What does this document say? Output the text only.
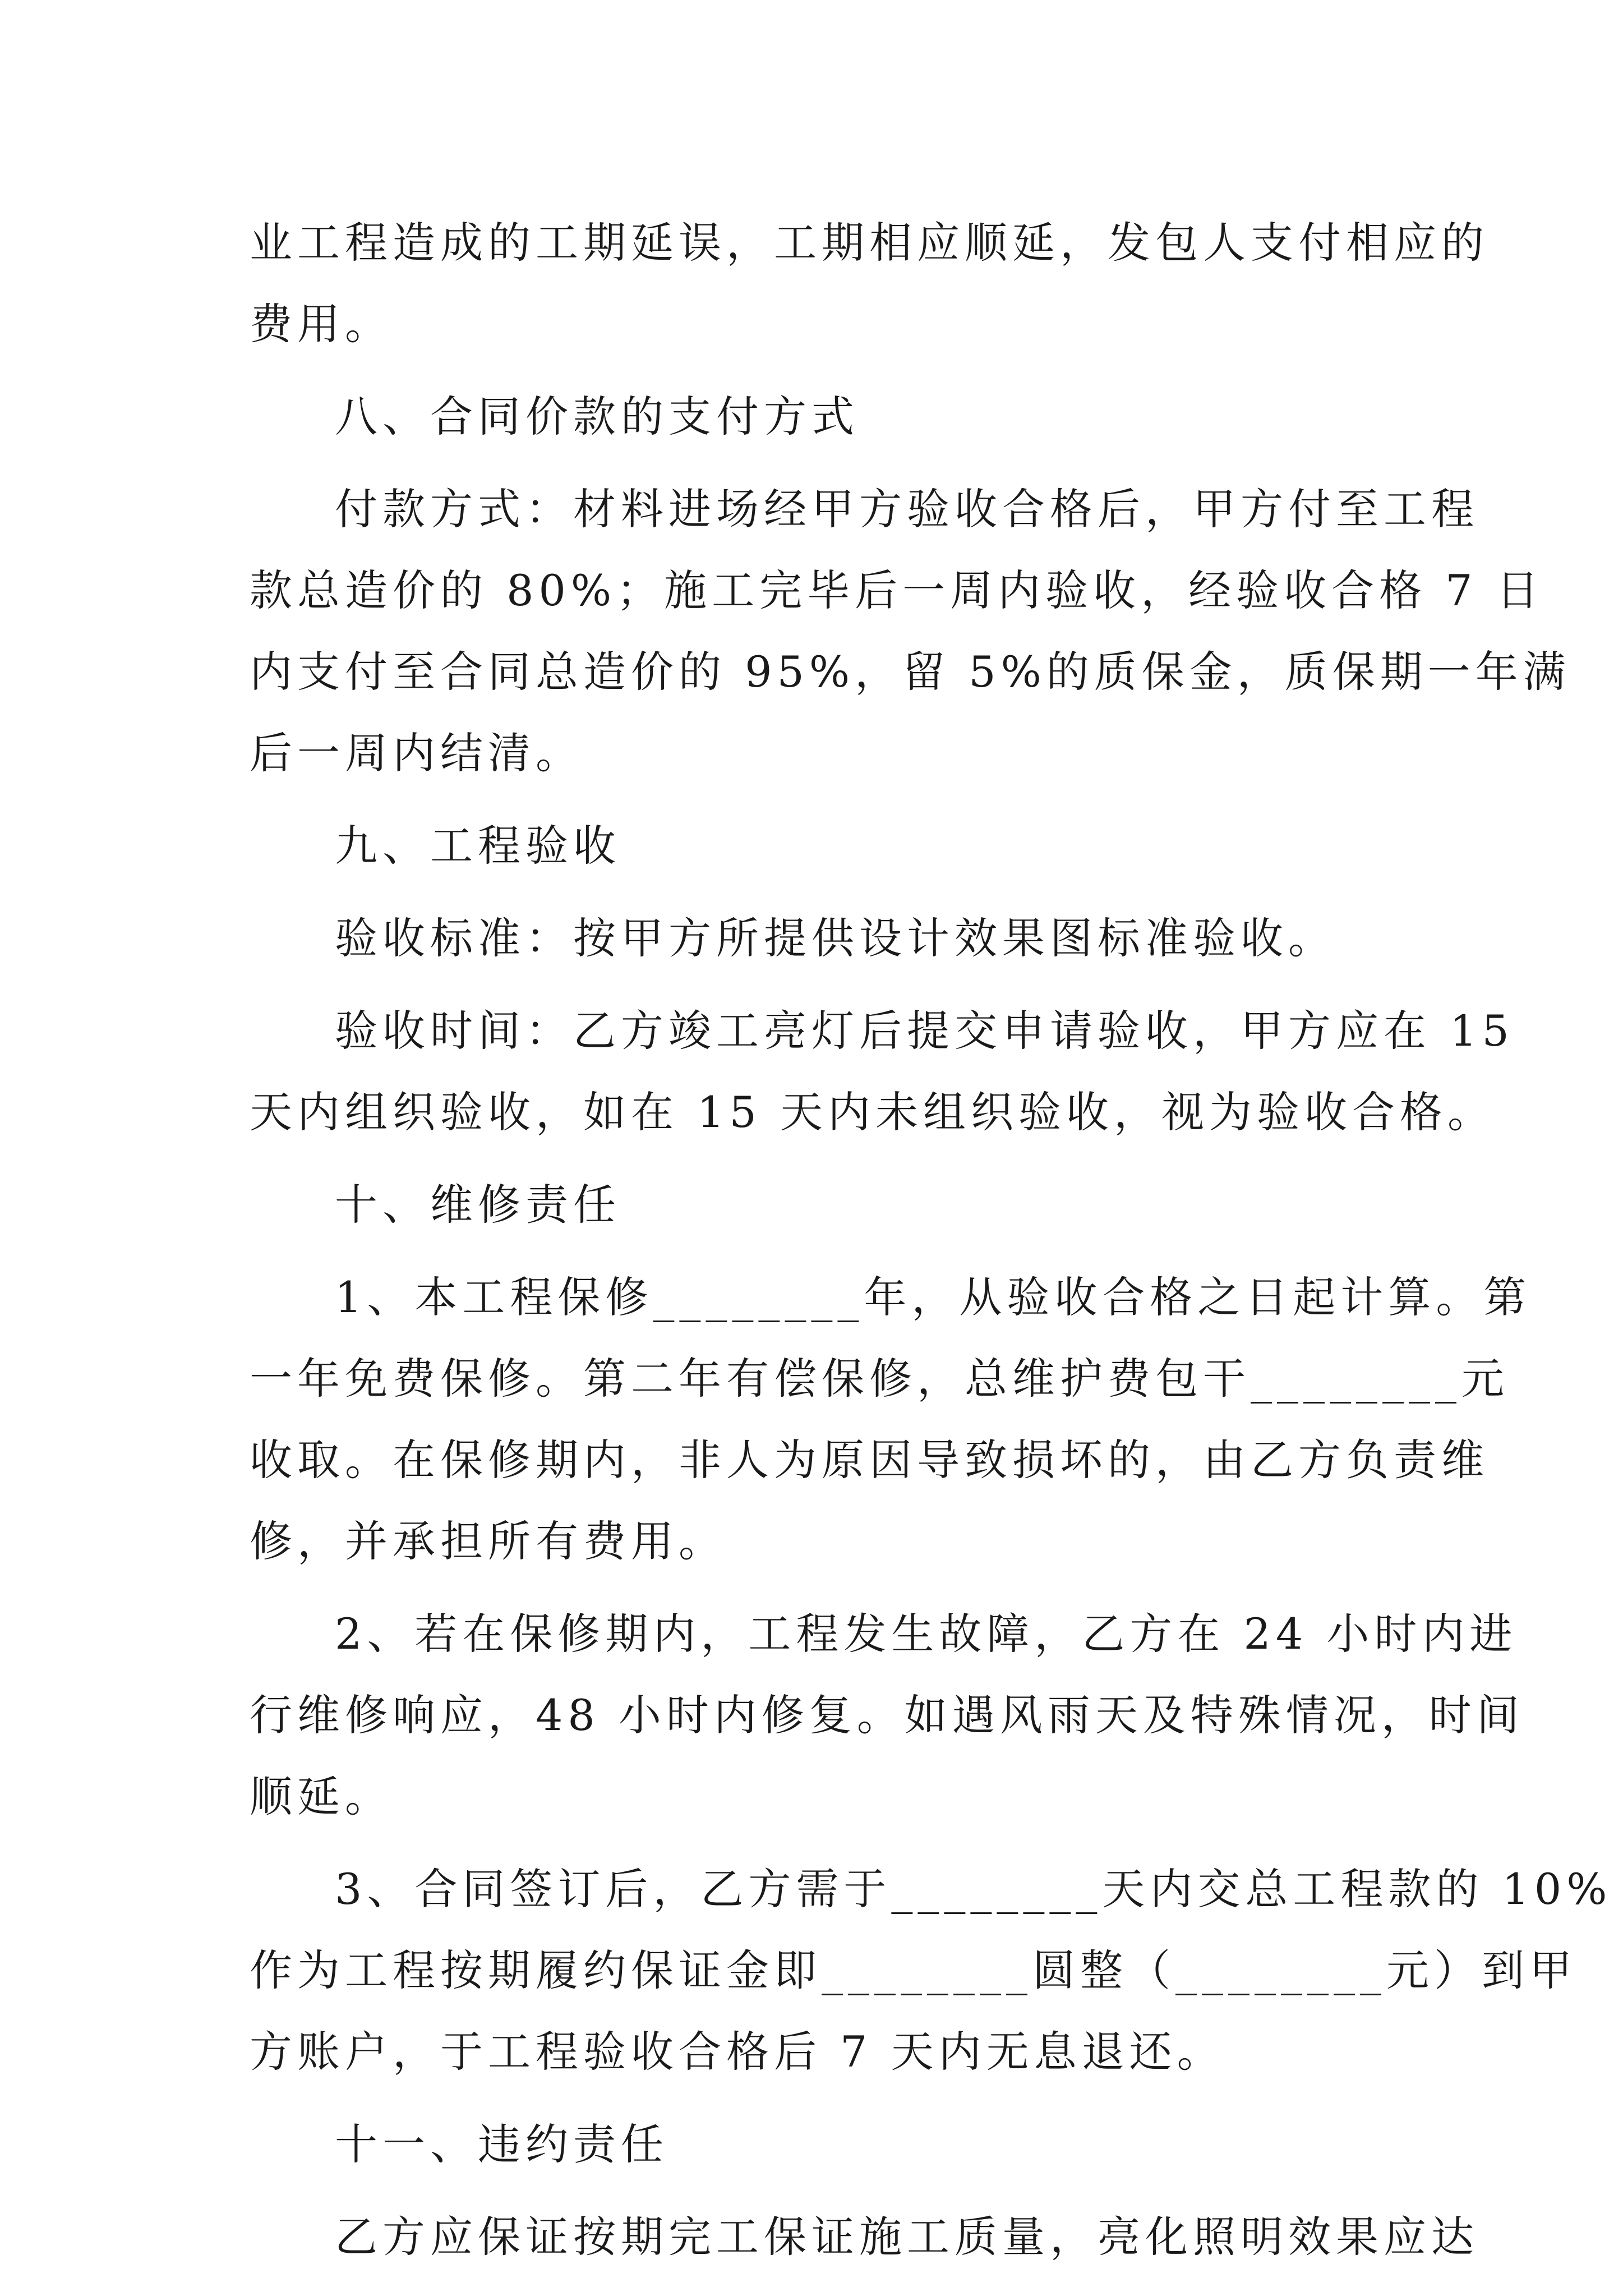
业工程造成的工期延误，工期相应顺延，发包人支付相应的
费用。
八、合同价款的支付方式
付款方式：材料进场经甲方验收合格后，甲方付至工程
款总造价的 80%；施工完毕后一周内验收，经验收合格 7 日
内支付至合同总造价的 95%，留 5%的质保金，质保期一年满
后一周内结清。
九、工程验收
验收标准：按甲方所提供设计效果图标准验收。
验收时间：乙方竣工亮灯后提交申请验收，甲方应在 15
天内组织验收，如在 15 天内未组织验收，视为验收合格。
十、维修责任
1、本工程保修________年，从验收合格之日起计算。第
一年免费保修。第二年有偿保修，总维护费包干________元
收取。在保修期内，非人为原因导致损坏的，由乙方负责维
修，并承担所有费用。
2、若在保修期内，工程发生故障，乙方在 24 小时内进
行维修响应，48 小时内修复。如遇风雨天及特殊情况，时间
顺延。
3、合同签订后，乙方需于________天内交总工程款的 10%
作为工程按期履约保证金即________圆整（________元）到甲
方账户，于工程验收合格后 7 天内无息退还。
十一、违约责任
乙方应保证按期完工保证施工质量，亮化照明效果应达
